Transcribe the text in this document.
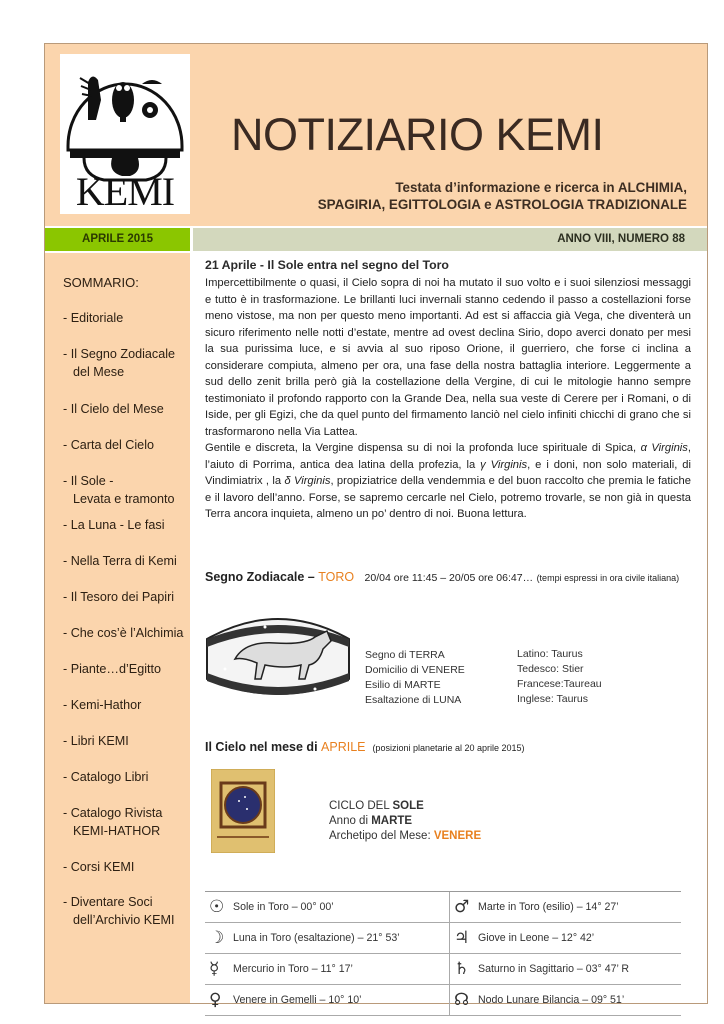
KEMI
NOTIZIARIO KEMI
Testata d’informazione e ricerca in ALCHIMIA,
SPAGIRIA, EGITTOLOGIA e ASTROLOGIA TRADIZIONALE
APRILE 2015	ANNO VIII, NUMERO 88
SOMMARIO:
- Editoriale
- Il Segno Zodiacale
del Mese
- Il Cielo del Mese
- Carta del Cielo
- Il Sole -
Levata e tramonto
- La Luna - Le fasi
- Nella Terra di Kemi
- Il Tesoro dei Papiri
- Che cos’è l’Alchimia
- Piante…d’Egitto
- Kemi-Hathor
- Libri KEMI
- Catalogo Libri
- Catalogo Rivista
KEMI-HATHOR
- Corsi KEMI
- Diventare Soci
dell’Archivio KEMI
21 Aprile - Il Sole entra nel segno del Toro

Impercettibilmente o quasi, il Cielo sopra di noi ha mutato il suo volto e i suoi silenziosi messaggi e tutto è in trasformazione. Le brillanti luci invernali stanno cedendo il passo a costellazioni forse meno vistose, ma non per questo meno importanti. Ad est si affaccia già Vega, che diventerà un sicuro riferimento nelle notti d’estate, mentre ad ovest declina Sirio, dopo averci donato per mesi la sua purissima luce, e si avvia al suo riposo Orione, il guerriero, che forse ci inclina a considerare compiuta, almeno per ora, una fase della nostra battaglia interiore. Leggermente a sud dello zenit brilla però già la costellazione della Vergine, di cui le mitologie hanno sempre testimoniato il profondo rapporto con la Grande Dea, nella sua veste di Cerere per i Romani, o di Iside, per gli Egizi, che da quel punto del firmamento lanciò nel cielo infiniti chicchi di grano che si trasformarono nella Via Lattea.

Gentile e discreta, la Vergine dispensa su di noi la profonda luce spirituale di Spica, α Virginis, l’aiuto di Porrima, antica dea latina della profezia, la γ Virginis, e i doni, non solo materiali, di Vindimiatrix , la δ Virginis, propiziatrice della vendemmia e del buon raccolto che premia le fatiche e il lavoro dell’anno. Forse, se sapremo cercarle nel Cielo, potremo trovarle, se non già in questa Terra ancora inquieta, almeno un po’ dentro di noi. Buona lettura.

Segno Zodiacale – TORO 20/04 ore 11:45 – 20/05 ore 06:47… (tempi espressi in ora civile italiana)
Segno di TERRA
Domicilio di VENERE
Esilio di MARTE
Esaltazione di LUNA
Latino: Taurus
Tedesco: Stier
Francese:Taureau
Inglese: Taurus
Il Cielo nel mese di APRILE (posizioni planetarie al 20 aprile 2015)
CICLO DEL SOLE
Anno di MARTE
Archetipo del Mese: VENERE
☉ Sole in Toro – 00° 00’	♂ Marte in Toro (esilio) – 14° 27’
☽ Luna in Toro (esaltazione) – 21° 53’	♃ Giove in Leone – 12° 42’
☿ Mercurio in Toro – 11° 17’	♄ Saturno in Sagittario – 03° 47’ R
♀ Venere in Gemelli – 10° 10’	☊ Nodo Lunare Bilancia – 09° 51’
